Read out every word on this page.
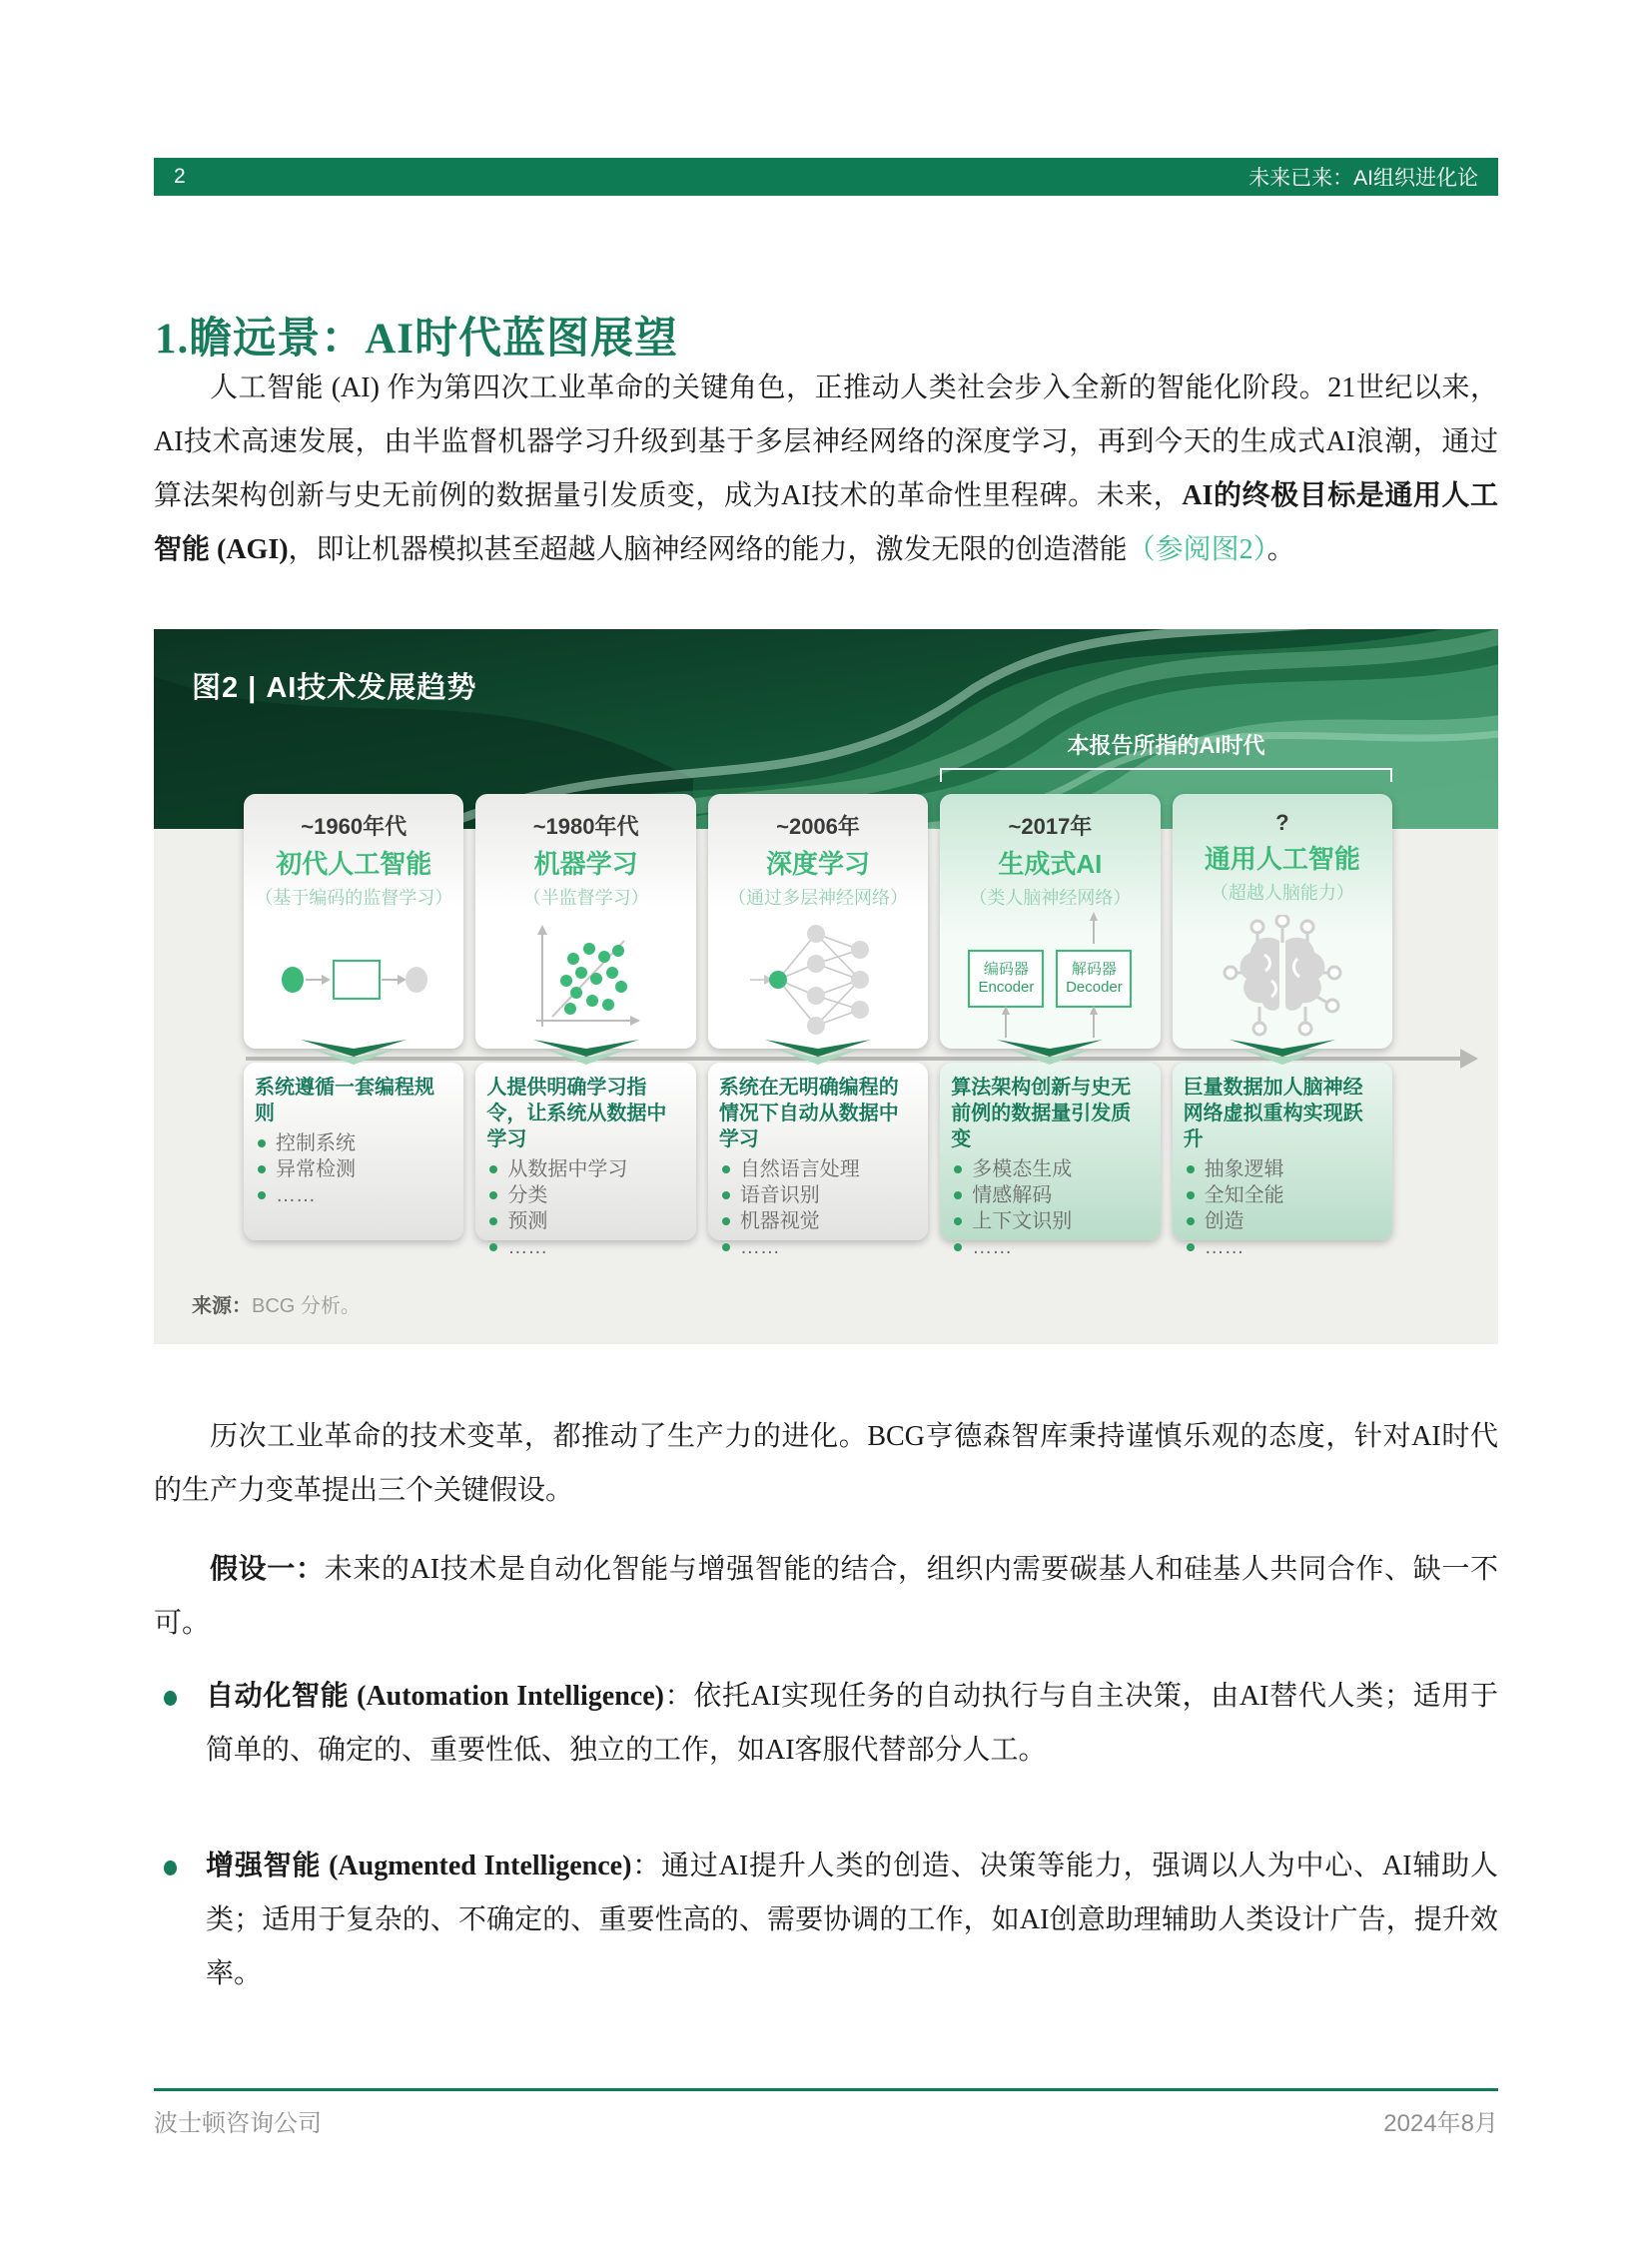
2	未来已来：AI组织进化论
1.瞻远景：AI时代蓝图展望

人工智能 (AI) 作为第四次工业革命的关键角色，正推动人类社会步入全新的智能化阶段。21世纪以来，AI技术高速发展，由半监督机器学习升级到基于多层神经网络的深度学习，再到今天的生成式AI浪潮，通过算法架构创新与史无前例的数据量引发质变，成为AI技术的革命性里程碑。未来，AI的终极目标是通用人工智能 (AGI)，即让机器模拟甚至超越人脑神经网络的能力，激发无限的创造潜能（参阅图2）。

图2 | AI技术发展趋势
本报告所指的AI时代
~1960年代
初代人工智能
（基于编码的监督学习）
系统遵循一套编程规则
控制系统
异常检测
……
~1980年代
机器学习
（半监督学习）
人提供明确学习指令，让系统从数据中学习
从数据中学习
分类
预测
……
~2006年
深度学习
（通过多层神经网络）
系统在无明确编程的情况下自动从数据中学习
自然语言处理
语音识别
机器视觉
……
~2017年
生成式AI
（类人脑神经网络）
编码器
Encoder
解码器
Decoder
算法架构创新与史无前例的数据量引发质变
多模态生成
情感解码
上下文识别
……
?
通用人工智能
（超越人脑能力）
巨量数据加人脑神经网络虚拟重构实现跃升
抽象逻辑
全知全能
创造
……
来源：BCG 分析。

历次工业革命的技术变革，都推动了生产力的进化。BCG亨德森智库秉持谨慎乐观的态度，针对AI时代的生产力变革提出三个关键假设。

假设一：未来的AI技术是自动化智能与增强智能的结合，组织内需要碳基人和硅基人共同合作、缺一不可。

自动化智能 (Automation Intelligence)：依托AI实现任务的自动执行与自主决策，由AI替代人类；适用于简单的、确定的、重要性低、独立的工作，如AI客服代替部分人工。
增强智能 (Augmented Intelligence)：通过AI提升人类的创造、决策等能力，强调以人为中心、AI辅助人类；适用于复杂的、不确定的、重要性高的、需要协调的工作，如AI创意助理辅助人类设计广告，提升效率。
波士顿咨询公司	2024年8月
